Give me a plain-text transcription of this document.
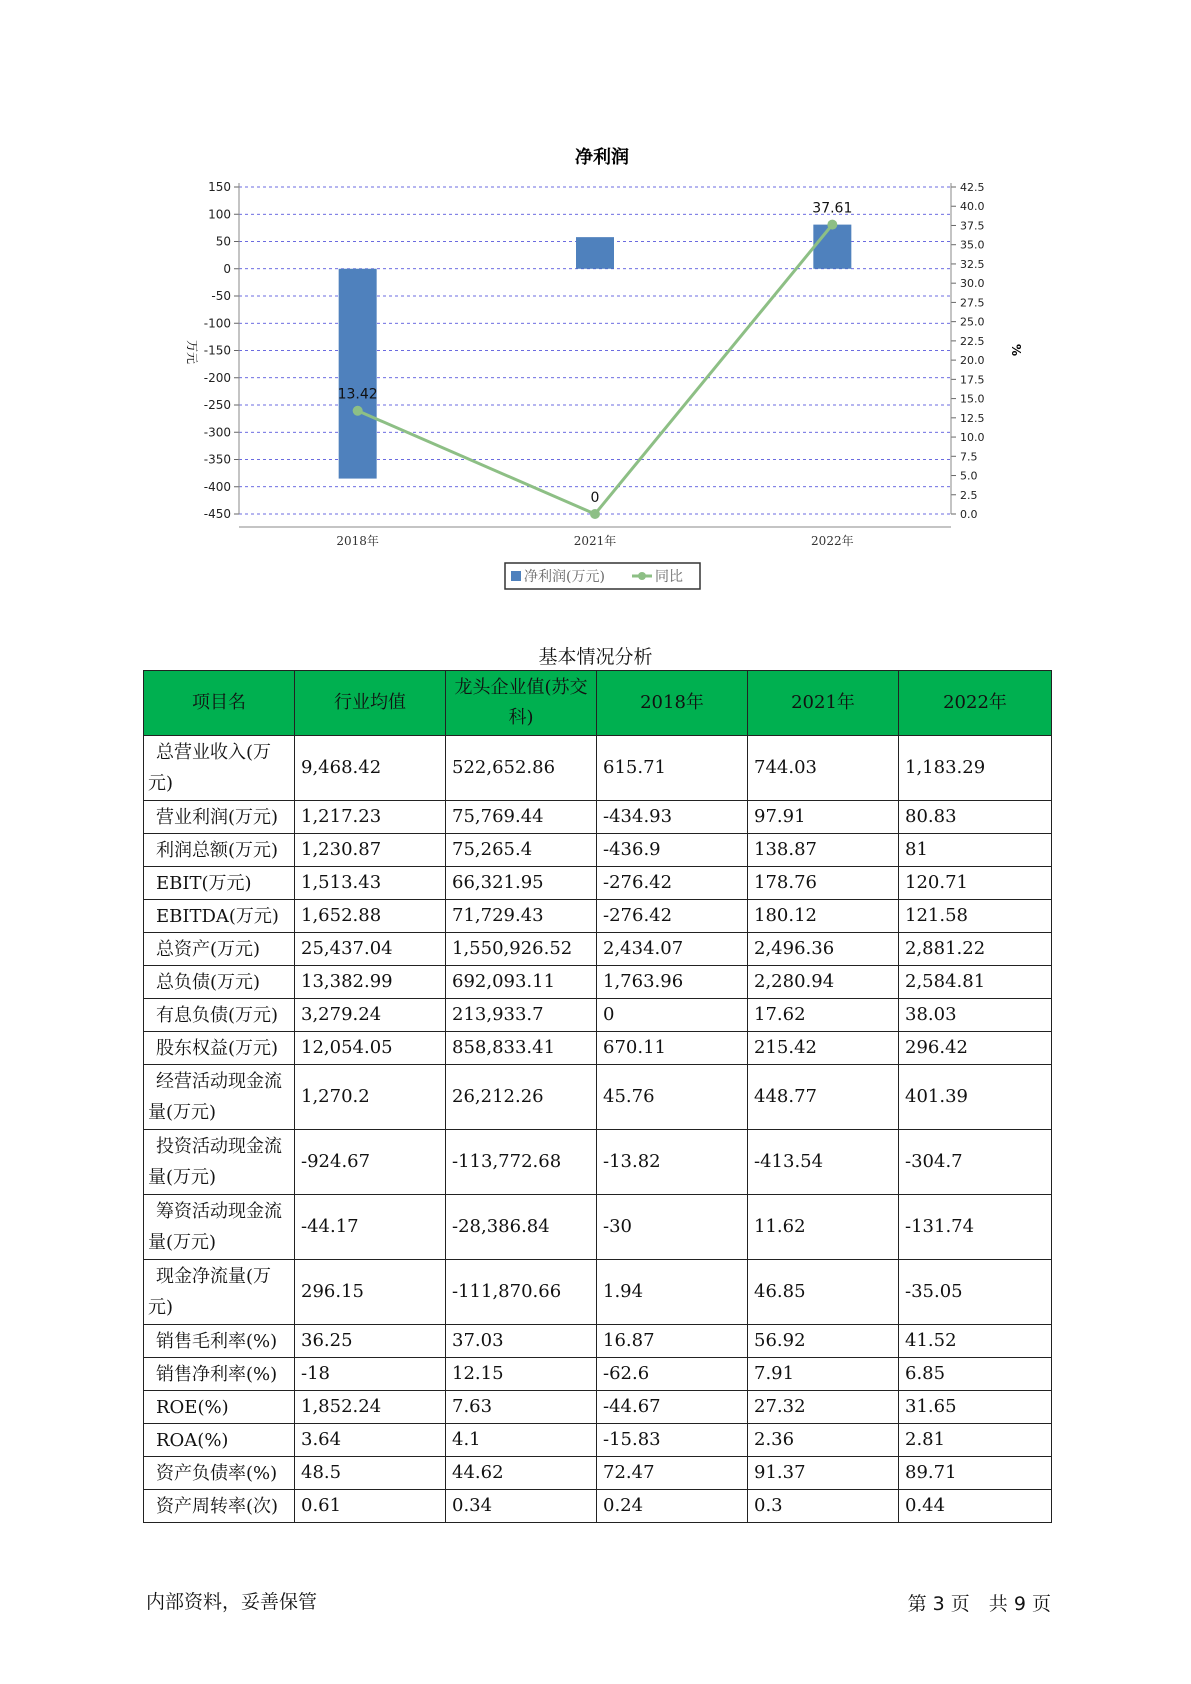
净利润
150
100
50
0
-50
-100
-150
-200
-250
-300
-350
-400
-450
42.5
40.0
37.5
35.0
32.5
30.0
27.5
25.0
22.5
20.0
17.5
15.0
12.5
10.0
7.5
5.0
2.5
0.0
万元	%
2018年	2021年	2022年
13.42
0
37.61
净利润(万元)	同比
基本情况分析
项目名	行业均值	龙头企业值(苏交科)	2018年	2021年	2022年
总营业收入(万元)	9,468.42	522,652.86	615.71	744.03	1,183.29
营业利润(万元)	1,217.23	75,769.44	-434.93	97.91	80.83
利润总额(万元)	1,230.87	75,265.4	-436.9	138.87	81
EBIT(万元)	1,513.43	66,321.95	-276.42	178.76	120.71
EBITDA(万元)	1,652.88	71,729.43	-276.42	180.12	121.58
总资产(万元)	25,437.04	1,550,926.52	2,434.07	2,496.36	2,881.22
总负债(万元)	13,382.99	692,093.11	1,763.96	2,280.94	2,584.81
有息负债(万元)	3,279.24	213,933.7	0	17.62	38.03
股东权益(万元)	12,054.05	858,833.41	670.11	215.42	296.42
经营活动现金流量(万元)	1,270.2	26,212.26	45.76	448.77	401.39
投资活动现金流量(万元)	-924.67	-113,772.68	-13.82	-413.54	-304.7
筹资活动现金流量(万元)	-44.17	-28,386.84	-30	11.62	-131.74
现金净流量(万元)	296.15	-111,870.66	1.94	46.85	-35.05
销售毛利率(%)	36.25	37.03	16.87	56.92	41.52
销售净利率(%)	-18	12.15	-62.6	7.91	6.85
ROE(%)	1,852.24	7.63	-44.67	27.32	31.65
ROA(%)	3.64	4.1	-15.83	2.36	2.81
资产负债率(%)	48.5	44.62	72.47	91.37	89.71
资产周转率(次)	0.61	0.34	0.24	0.3	0.44
内部资料，妥善保管	第 3 页　共 9 页
